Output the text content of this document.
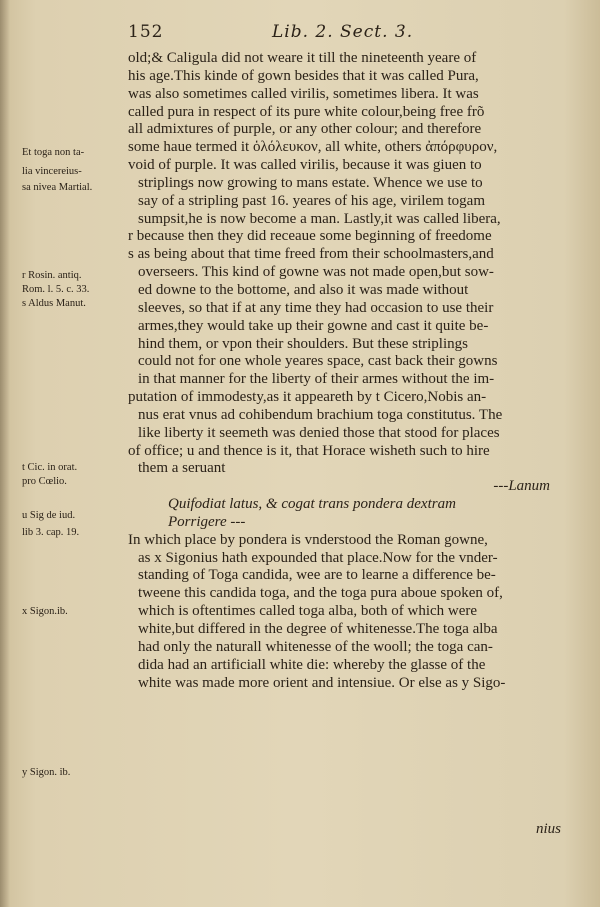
152	Lib. 2. Sect. 3.
old;& Caligula did not weare it till the nineteenth yeare of
his age.This kinde of gown besides that it was called Pura,
was also sometimes called virilis, sometimes libera. It was
called pura in respect of its pure white colour,being free frõ
all admixtures of purple, or any other colour; and therefore
some haue termed it ὁλόλευκον, all white, others ἀπόρφυρον,
void of purple. It was called virilis, because it was giuen to
striplings now growing to mans estate. Whence we use to
say of a stripling past 16. yeares of his age, virilem togam
sumpsit,he is now become a man. Lastly,it was called libera,
r because then they did receaue some beginning of freedome
s as being about that time freed from their schoolmasters,and
overseers. This kind of gowne was not made open,but sow-
ed downe to the bottome, and also it was made without
sleeves, so that if at any time they had occasion to use their
armes,they would take up their gowne and cast it quite be-
hind them, or vpon their shoulders. But these striplings
could not for one whole yeares space, cast back their gowns
in that manner for the liberty of their armes without the im-
putation of immodesty,as it appeareth by t Cicero,Nobis an-
nus erat vnus ad cohibendum brachium toga constitutus. The
like liberty it seemeth was denied those that stood for places
of office; u and thence is it, that Horace wisheth such to hire
them a seruant
---Lanum
Quifodiat latus, & cogat trans pondera dextram
Porrigere ---
In which place by pondera is vnderstood the Roman gowne,
as x Sigonius hath expounded that place.Now for the vnder-
standing of Toga candida, wee are to learne a difference be-
tweene this candida toga, and the toga pura aboue spoken of,
which is oftentimes called toga alba, both of which were
white,but differed in the degree of whitenesse.The toga alba
had only the naturall whitenesse of the wooll; the toga can-
dida had an artificiall white die: whereby the glasse of the
white was made more orient and intensiue. Or else as y Sigo-
nius
Et toga non ta-
lia vincereius-
sa nivea Martial.
r Rosin. antiq.
Rom. l. 5. c. 33.
s Aldus Manut.
t Cic. in orat.
pro Cœlio.
u Sig de iud.
lib 3. cap. 19.
x Sigon.ib.
y Sigon. ib.
